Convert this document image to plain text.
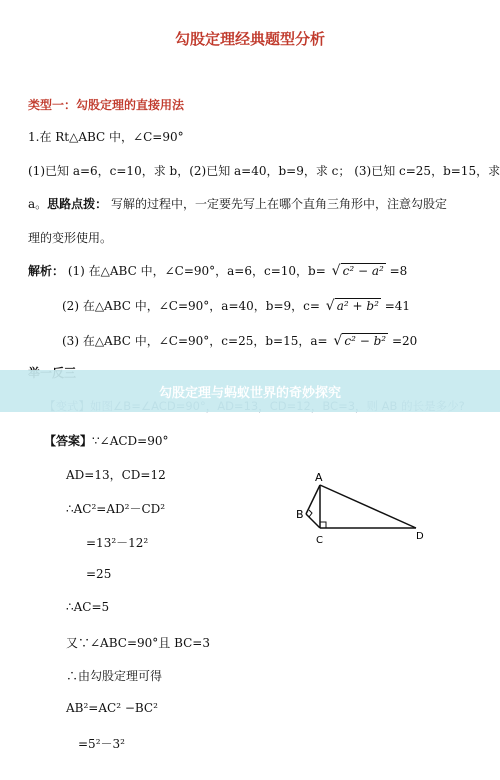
勾股定理经典题型分析
类型一：勾股定理的直接用法
1.在 Rt△ABC 中，∠C=90°
(1)已知 a=6，c=10，求 b，(2)已知 a=40，b=9，求 c； (3)已知 c=25，b=15，求
a。思路点拨： 写解的过程中，一定要先写上在哪个直角三角形中，注意勾股定
理的变形使用。
解析： (1) 在△ABC 中，∠C=90°，a=6，c=10，b= √ c² − a² =8
(2) 在△ABC 中，∠C=90°，a=40，b=9，c= √ a² + b² =41
(3) 在△ABC 中，∠C=90°，c=25，b=15，a= √ c² − b² =20
勾股定理与蚂蚁世界的奇妙探究
【答案】∵∠ACD=90°
AD=13，CD=12
∴AC²=AD²－CD²
=13²－12²
=25
∴AC=5
又∵∠ABC=90°且 BC=3
∴由勾股定理可得
AB²=AC² −BC²
=5²－3²
A
B
C	D
